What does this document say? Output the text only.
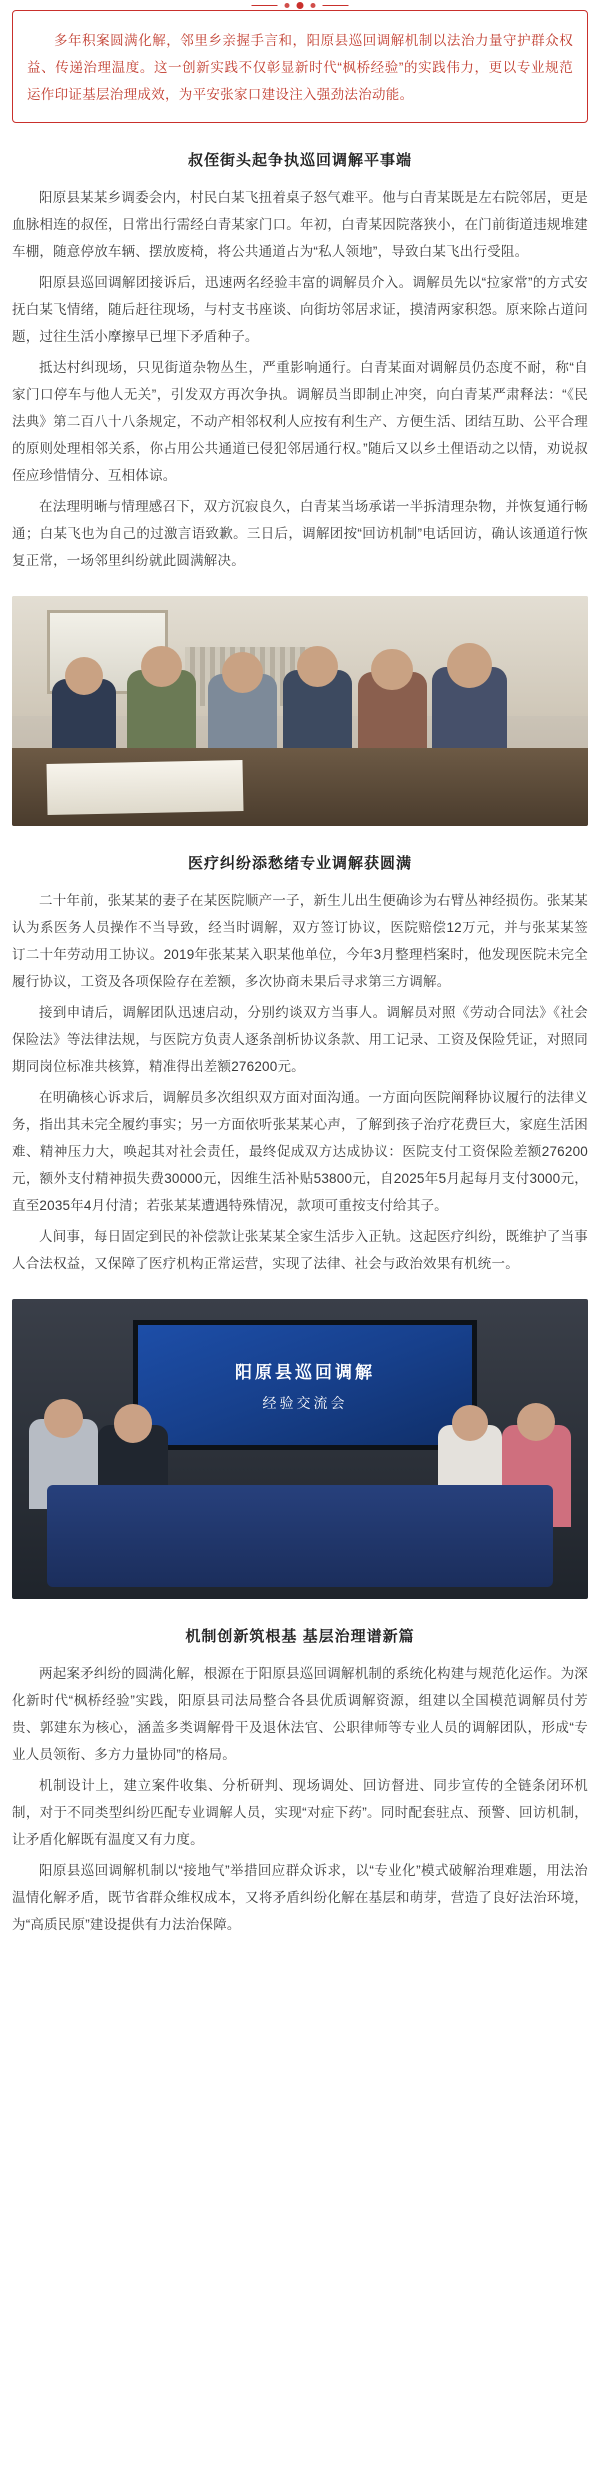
多年积案圆满化解，邻里乡亲握手言和，阳原县巡回调解机制以法治力量守护群众权益、传递治理温度。这一创新实践不仅彰显新时代“枫桥经验”的实践伟力，更以专业规范运作印证基层治理成效，为平安张家口建设注入强劲法治动能。
叔侄街头起争执巡回调解平事端

阳原县某某乡调委会内，村民白某飞扭着桌子怒气难平。他与白青某既是左右院邻居，更是血脉相连的叔侄，日常出行需经白青某家门口。年初，白青某因院落狭小，在门前街道违规堆建车棚，随意停放车辆、摆放废椅，将公共通道占为“私人领地”，导致白某飞出行受阻。

阳原县巡回调解团接诉后，迅速两名经验丰富的调解员介入。调解员先以“拉家常”的方式安抚白某飞情绪，随后赶往现场，与村支书座谈、向街坊邻居求证，摸清两家积怨。原来除占道问题，过往生活小摩擦早已埋下矛盾种子。

抵达村纠现场，只见街道杂物丛生，严重影响通行。白青某面对调解员仍态度不耐，称“自家门口停车与他人无关”，引发双方再次争执。调解员当即制止冲突，向白青某严肃释法：“《民法典》第二百八十八条规定，不动产相邻权利人应按有利生产、方便生活、团结互助、公平合理的原则处理相邻关系，你占用公共通道已侵犯邻居通行权。”随后又以乡土俚语动之以情，劝说叔侄应珍惜情分、互相体谅。

在法理明晰与情理感召下，双方沉寂良久，白青某当场承诺一半拆清理杂物，并恢复通行畅通；白某飞也为自己的过激言语致歉。三日后，调解团按“回访机制”电话回访，确认该通道行恢复正常，一场邻里纠纷就此圆满解决。

医疗纠纷添愁绪专业调解获圆满

二十年前，张某某的妻子在某医院顺产一子，新生儿出生便确诊为右臂丛神经损伤。张某某认为系医务人员操作不当导致，经当时调解，双方签订协议，医院赔偿12万元，并与张某某签订二十年劳动用工协议。2019年张某某入职某他单位，今年3月整理档案时，他发现医院未完全履行协议，工资及各项保险存在差额，多次协商未果后寻求第三方调解。

接到申请后，调解团队迅速启动，分别约谈双方当事人。调解员对照《劳动合同法》《社会保险法》等法律法规，与医院方负责人逐条剖析协议条款、用工记录、工资及保险凭证，对照同期同岗位标准共核算，精准得出差额276200元。

在明确核心诉求后，调解员多次组织双方面对面沟通。一方面向医院阐释协议履行的法律义务，指出其未完全履约事实；另一方面依听张某某心声，了解到孩子治疗花费巨大，家庭生活困难、精神压力大，唤起其对社会责任，最终促成双方达成协议：医院支付工资保险差额276200元，额外支付精神损失费30000元，因维生活补贴53800元，自2025年5月起每月支付3000元，直至2035年4月付清；若张某某遭遇特殊情况，款项可重按支付给其子。

人间事，每日固定到民的补偿款让张某某全家生活步入正轨。这起医疗纠纷，既维护了当事人合法权益，又保障了医疗机构正常运营，实现了法律、社会与政治效果有机统一。

阳原县巡回调解
经验交流会
机制创新筑根基 基层治理谱新篇

两起案矛纠纷的圆满化解，根源在于阳原县巡回调解机制的系统化构建与规范化运作。为深化新时代“枫桥经验”实践，阳原县司法局整合各县优质调解资源，组建以全国模范调解员付芳贵、郭建东为核心，涵盖多类调解骨干及退休法官、公职律师等专业人员的调解团队，形成“专业人员领衔、多方力量协同”的格局。

机制设计上，建立案件收集、分析研判、现场调处、回访督进、同步宣传的全链条闭环机制，对于不同类型纠纷匹配专业调解人员，实现“对症下药”。同时配套驻点、预警、回访机制，让矛盾化解既有温度又有力度。

阳原县巡回调解机制以“接地气”举措回应群众诉求，以“专业化”模式破解治理难题，用法治温情化解矛盾，既节省群众维权成本，又将矛盾纠纷化解在基层和萌芽，营造了良好法治环境，为“高质民原”建设提供有力法治保障。
